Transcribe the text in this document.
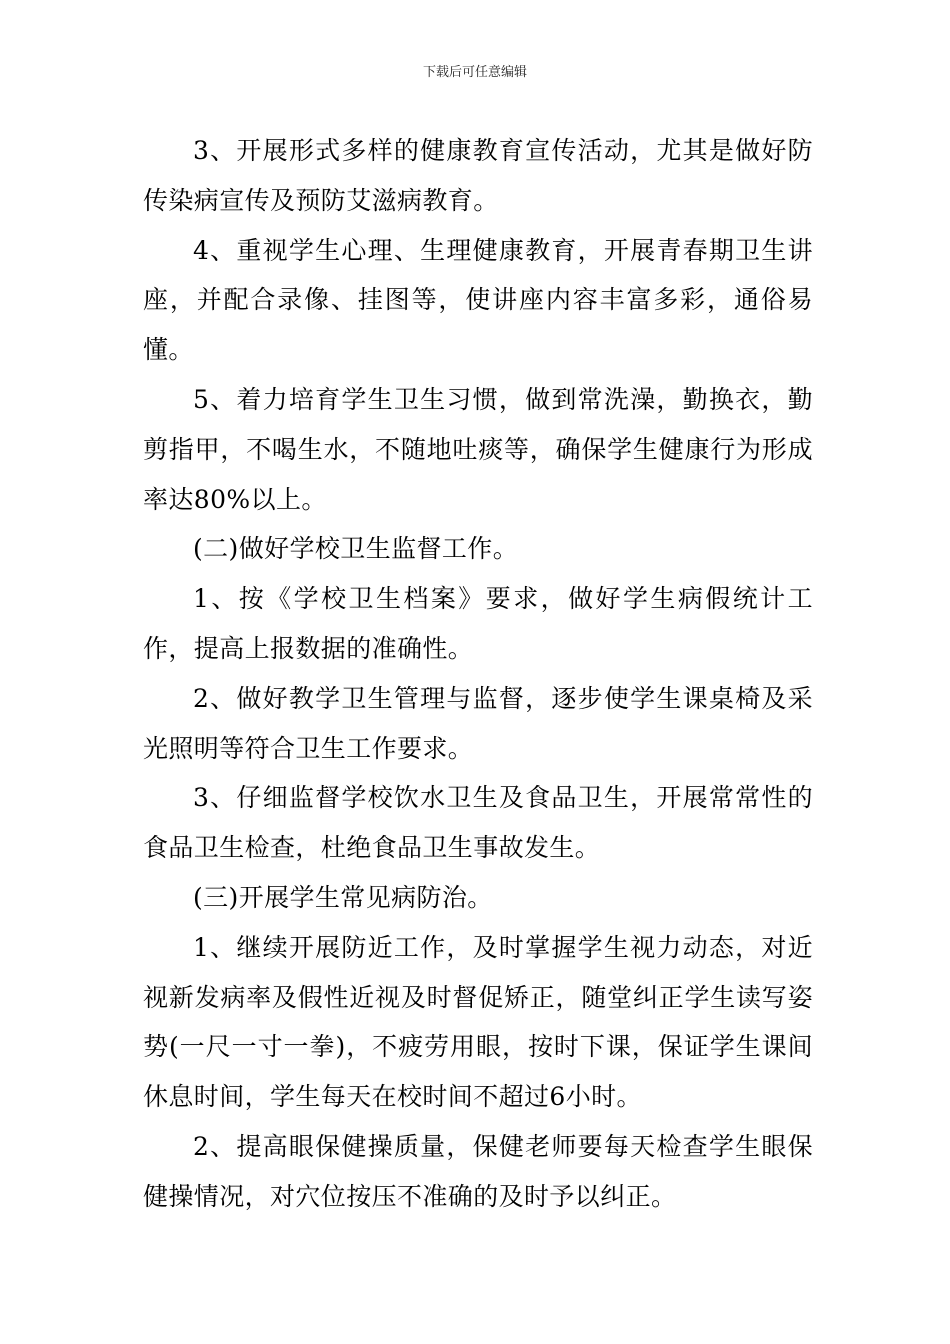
下载后可任意编辑

3、开展形式多样的健康教育宣传活动，尤其是做好防传染病宣传及预防艾滋病教育。

4、重视学生心理、生理健康教育，开展青春期卫生讲座，并配合录像、挂图等，使讲座内容丰富多彩，通俗易懂。

5、着力培育学生卫生习惯，做到常洗澡，勤换衣，勤剪指甲，不喝生水，不随地吐痰等，确保学生健康行为形成率达80%以上。

(二)做好学校卫生监督工作。

1、按《学校卫生档案》要求，做好学生病假统计工作，提高上报数据的准确性。

2、做好教学卫生管理与监督，逐步使学生课桌椅及采光照明等符合卫生工作要求。

3、仔细监督学校饮水卫生及食品卫生，开展常常性的食品卫生检查，杜绝食品卫生事故发生。

(三)开展学生常见病防治。

1、继续开展防近工作，及时掌握学生视力动态，对近视新发病率及假性近视及时督促矫正，随堂纠正学生读写姿势(一尺一寸一拳)，不疲劳用眼，按时下课，保证学生课间休息时间，学生每天在校时间不超过6小时。

2、提高眼保健操质量，保健老师要每天检查学生眼保健操情况，对穴位按压不准确的及时予以纠正。
